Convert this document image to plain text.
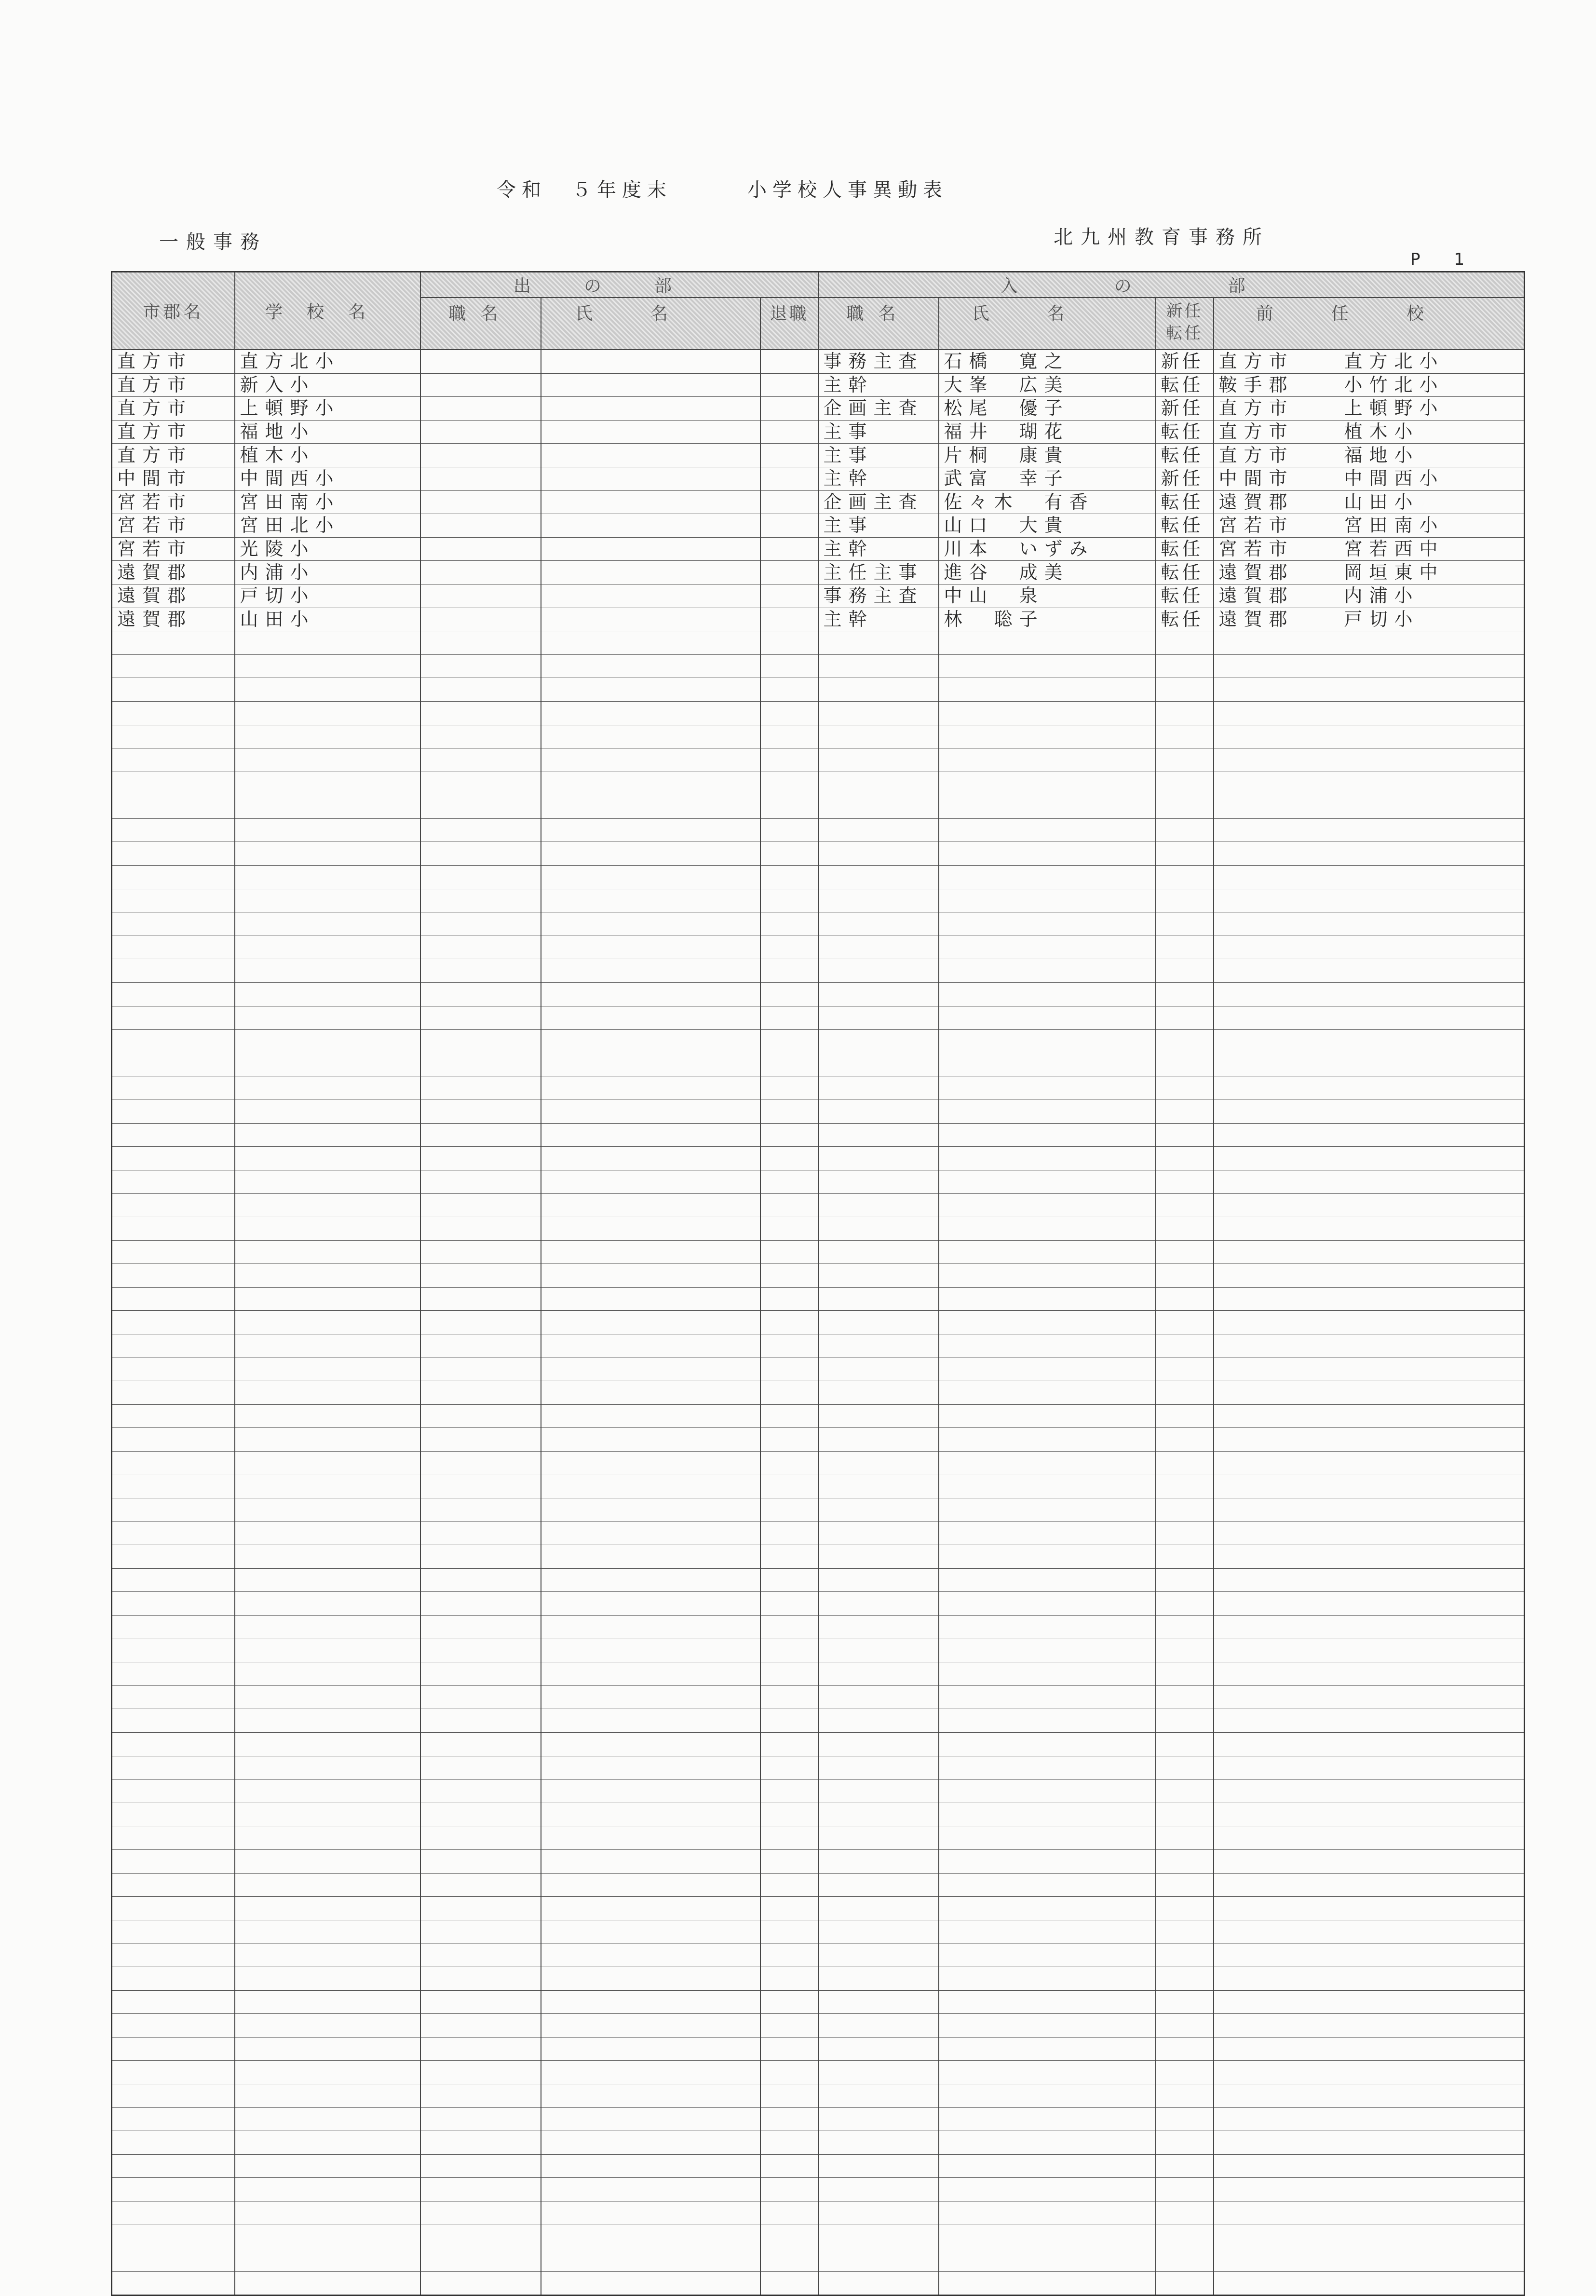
令和　５年度末　　　小学校人事異動表
一般事務	北九州教育事務所
P1
市郡名	学校名	出の部			入の部			
		職名	氏名	退職	職名	氏名	新任転任	前任校
直方市	直方北小				事務主査	石橋　寛之	新任	直方市 直方北小
直方市	新入小				主幹	大峯　広美	転任	鞍手郡 小竹北小
直方市	上頓野小				企画主査	松尾　優子	新任	直方市 上頓野小
直方市	福地小				主事	福井　瑚花	転任	直方市 植木小
直方市	植木小				主事	片桐　康貴	転任	直方市 福地小
中間市	中間西小				主幹	武富　幸子	新任	中間市 中間西小
宮若市	宮田南小				企画主査	佐々木　有香	転任	遠賀郡 山田小
宮若市	宮田北小				主事	山口　大貴	転任	宮若市 宮田南小
宮若市	光陵小				主幹	川本　いずみ	転任	宮若市 宮若西中
遠賀郡	内浦小				主任主事	進谷　成美	転任	遠賀郡 岡垣東中
遠賀郡	戸切小				事務主査	中山　泉	転任	遠賀郡 内浦小
遠賀郡	山田小				主幹	林　聡子	転任	遠賀郡 戸切小
